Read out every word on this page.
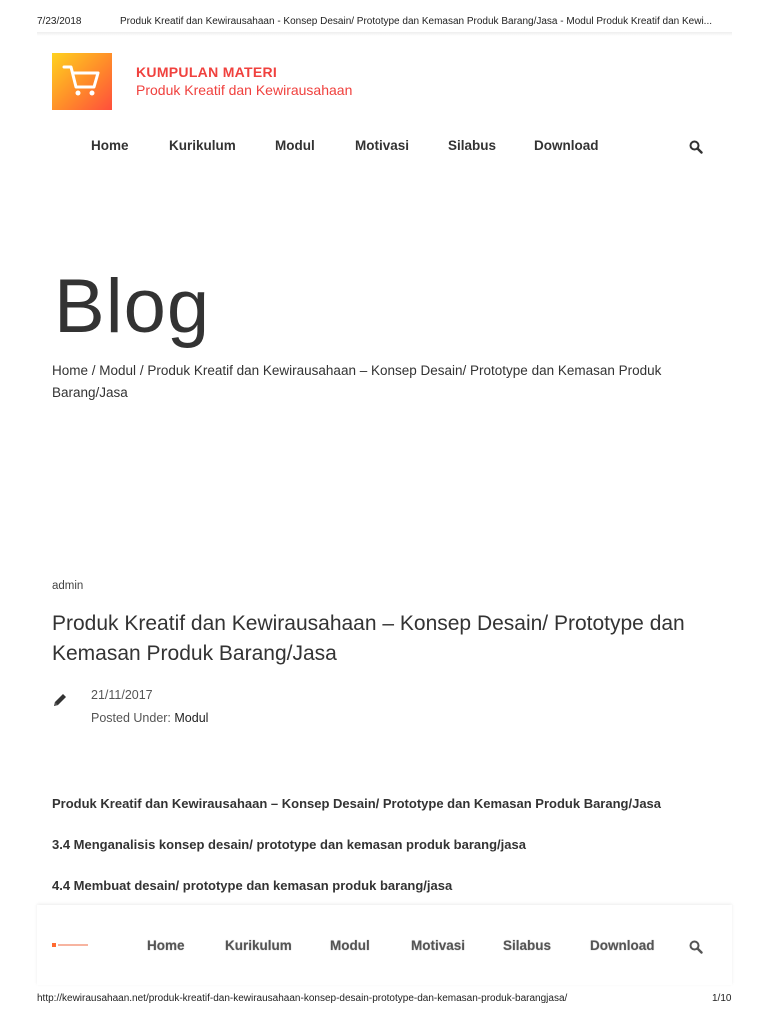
7/23/2018	Produk Kreatif dan Kewirausahaan - Konsep Desain/ Prototype dan Kemasan Produk Barang/Jasa - Modul Produk Kreatif dan Kewi...
KUMPULAN MATERI
Produk Kreatif dan Kewirausahaan
Home	Kurikulum	Modul	Motivasi	Silabus	Download
Blog
Home / Modul / Produk Kreatif dan Kewirausahaan – Konsep Desain/ Prototype dan Kemasan Produk Barang/Jasa
admin
Produk Kreatif dan Kewirausahaan – Konsep Desain/ Prototype dan Kemasan Produk Barang/Jasa
21/11/2017
Posted Under: Modul
Produk Kreatif dan Kewirausahaan – Konsep Desain/ Prototype dan Kemasan Produk Barang/Jasa
3.4 Menganalisis konsep desain/ prototype dan kemasan produk barang/jasa
4.4 Membuat desain/ prototype dan kemasan produk barang/jasa
Home	Kurikulum	Modul	Motivasi	Silabus	Download
http://kewirausahaan.net/produk-kreatif-dan-kewirausahaan-konsep-desain-prototype-dan-kemasan-produk-barangjasa/	1/10
